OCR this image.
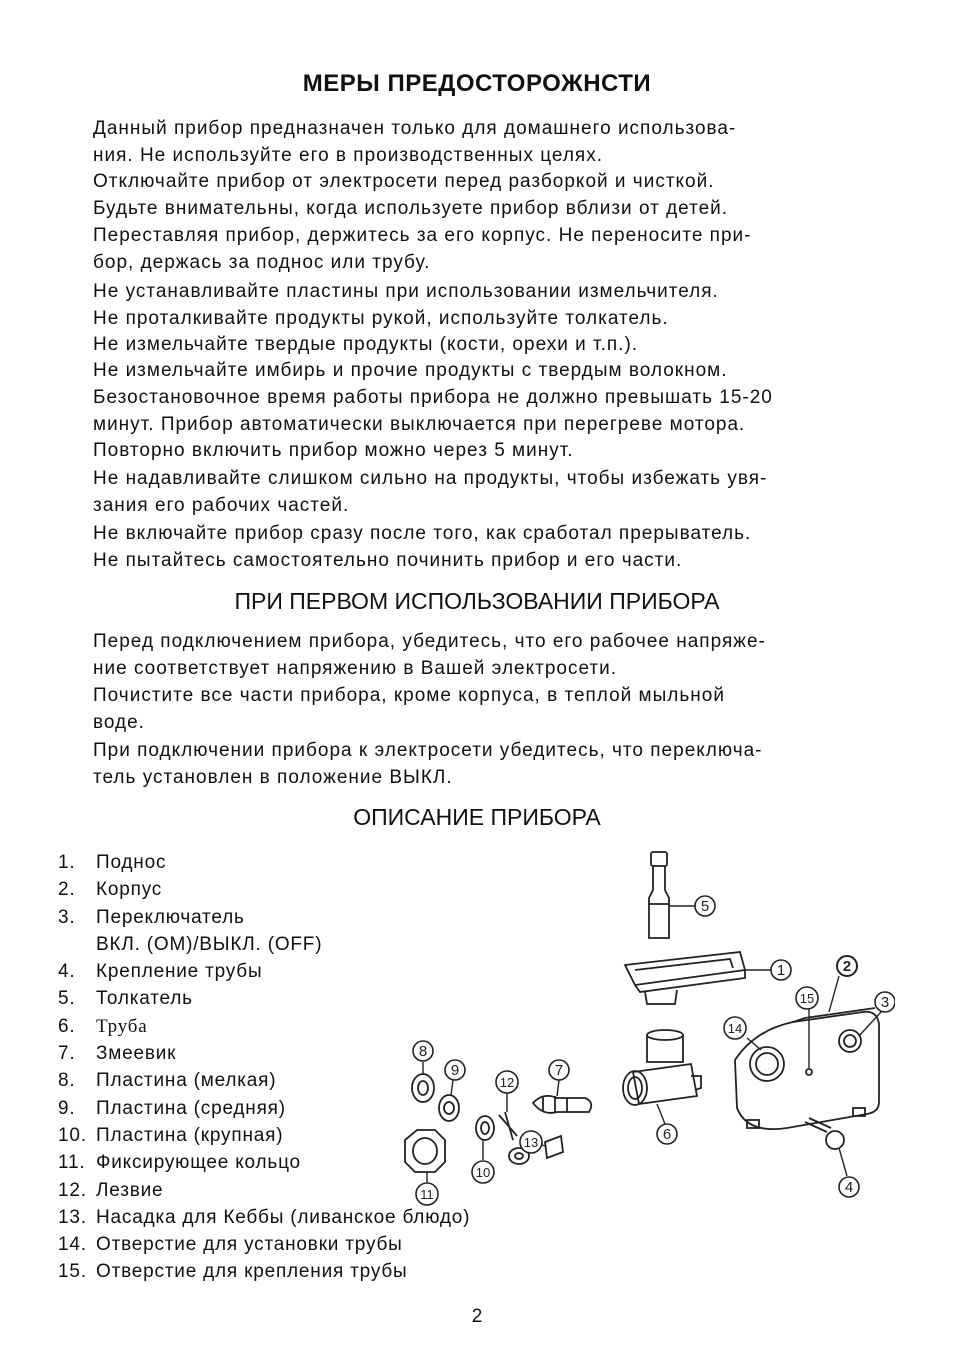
МЕРЫ ПРЕДОСТОРОЖНСТИ
Данный прибор предназначен только для домашнего использова-
ния. Не используйте его в производственных целях.
Отключайте прибор от электросети перед разборкой и чисткой.
Будьте внимательны, когда используете прибор вблизи от детей.
Переставляя прибор, держитесь за его корпус. Не переносите при-
бор, держась за поднос или трубу.
Не устанавливайте пластины при использовании измельчителя.
Не проталкивайте продукты рукой, используйте толкатель.
Не измельчайте твердые продукты (кости, орехи и т.п.).
Не измельчайте имбирь и прочие продукты с твердым волокном.
Безостановочное время работы прибора не должно превышать 15-20
минут. Прибор автоматически выключается при перегреве мотора.
Повторно включить прибор можно через 5 минут.
Не надавливайте слишком сильно на продукты, чтобы избежать увя-
зания его рабочих частей.
Не включайте прибор сразу после того, как сработал прерыватель.
Не пытайтесь самостоятельно починить прибор и его части.
ПРИ ПЕРВОМ ИСПОЛЬЗОВАНИИ ПРИБОРА
Перед подключением прибора, убедитесь, что его рабочее напряже-
ние соответствует напряжению в Вашей электросети.
Почистите все части прибора, кроме корпуса, в теплой мыльной
воде.
При подключении прибора к электросети убедитесь, что переключа-
тель установлен в положение ВЫКЛ.
ОПИСАНИЕ ПРИБОРА
1.	Поднос
2.	Корпус
3.	Переключатель
ВКЛ. (ОМ)/ВЫКЛ. (OFF)
4.	Крепление трубы
5.	Толкатель
6.	Труба
7.	Змеевик
8.	Пластина (мелкая)
9.	Пластина (средняя)
10. Пластина (крупная)
11. Фиксирующее кольцо
12. Лезвие
13. Насадка для Кеббы (ливанское блюдо)
14. Отверстие для установки трубы
15. Отверстие для крепления трубы
5
1	2
3
15
14
4
6
8
9	7
12
13
10
11
2
